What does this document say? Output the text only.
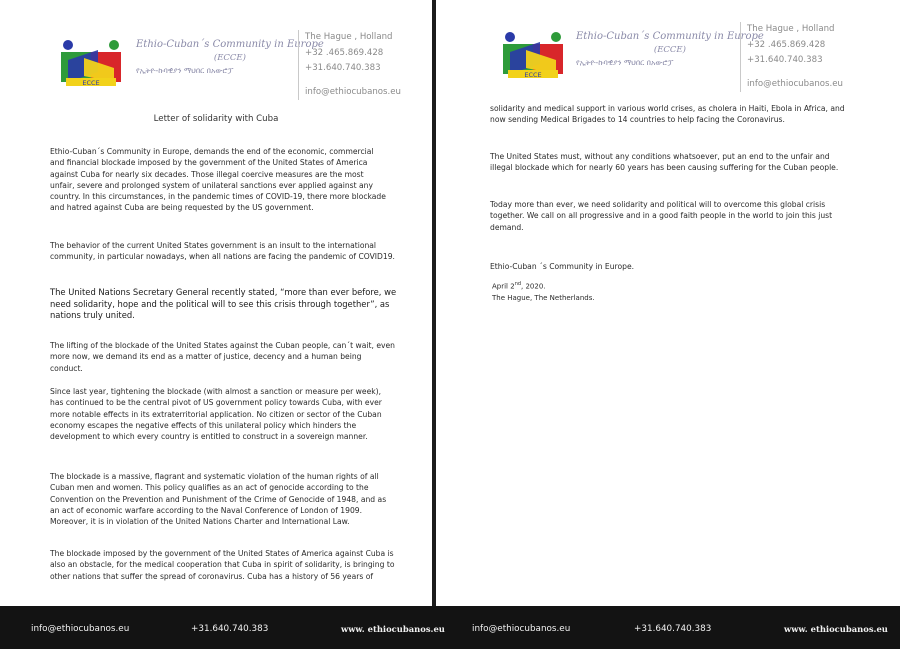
ECCE
Ethio-Cuban´s Community in Europe
(ECCE)
የኢትዮ-ኩባዊያን ማህበር በአውሮፓ
The Hague , Holland
+32 .465.869.428
+31.640.740.383
info@ethiocubanos.eu
Letter of solidarity with Cuba

Ethio-Cuban´s Community in Europe, demands the end of the economic, commercial and financial blockade imposed by the government of the United States of America against Cuba for nearly six decades. Those illegal coercive measures are the most unfair, severe and prolonged system of unilateral sanctions ever applied against any country. In this circumstances, in the pandemic times of COVID-19, there more blockade and hatred against Cuba are being requested by the US government.

The behavior of the current United States government is an insult to the international community, in particular nowadays, when all nations are facing the pandemic of COVID19.

The United Nations Secretary General recently stated, “more than ever before, we need solidarity, hope and the political will to see this crisis through together”, as nations truly united.

The lifting of the blockade of the United States against the Cuban people, can´t wait, even more now, we demand its end as a matter of justice, decency and a human being conduct.

Since last year, tightening the blockade (with almost a sanction or measure per week), has continued to be the central pivot of US government policy towards Cuba, with ever more notable effects in its extraterritorial application. No citizen or sector of the Cuban economy escapes the negative effects of this unilateral policy which hinders the development to which every country is entitled to construct in a sovereign manner.

The blockade is a massive, flagrant and systematic violation of the human rights of all Cuban men and women. This policy qualifies as an act of genocide according to the Convention on the Prevention and Punishment of the Crime of Genocide of 1948, and as an act of economic warfare according to the Naval Conference of London of 1909. Moreover, it is in violation of the United Nations Charter and International Law.

The blockade imposed by the government of the United States of America against Cuba is also an obstacle, for the medical cooperation that Cuba in spirit of solidarity, is bringing to other nations that suffer the spread of coronavirus. Cuba has a history of 56 years of

ECCE
Ethio-Cuban´s Community in Europe
(ECCE)
የኢትዮ-ኩባዊያን ማህበር በአውሮፓ
The Hague , Holland
+32 .465.869.428
+31.640.740.383
info@ethiocubanos.eu

solidarity and medical support in various world crises, as cholera in Haiti, Ebola in Africa, and now sending Medical Brigades to 14 countries to help facing the Coronavirus.

The United States must, without any conditions whatsoever, put an end to the unfair and illegal blockade which for nearly 60 years has been causing suffering for the Cuban people.

Today more than ever, we need solidarity and political will to overcome this global crisis together. We call on all progressive and in a good faith people in the world to join this just demand.

Ethio-Cuban ´s Community in Europe.
April 2nd, 2020.
The Hague, The Netherlands.
info@ethiocubanos.eu	+31.640.740.383	www. ethiocubanos.eu	info@ethiocubanos.eu	+31.640.740.383	www. ethiocubanos.eu
